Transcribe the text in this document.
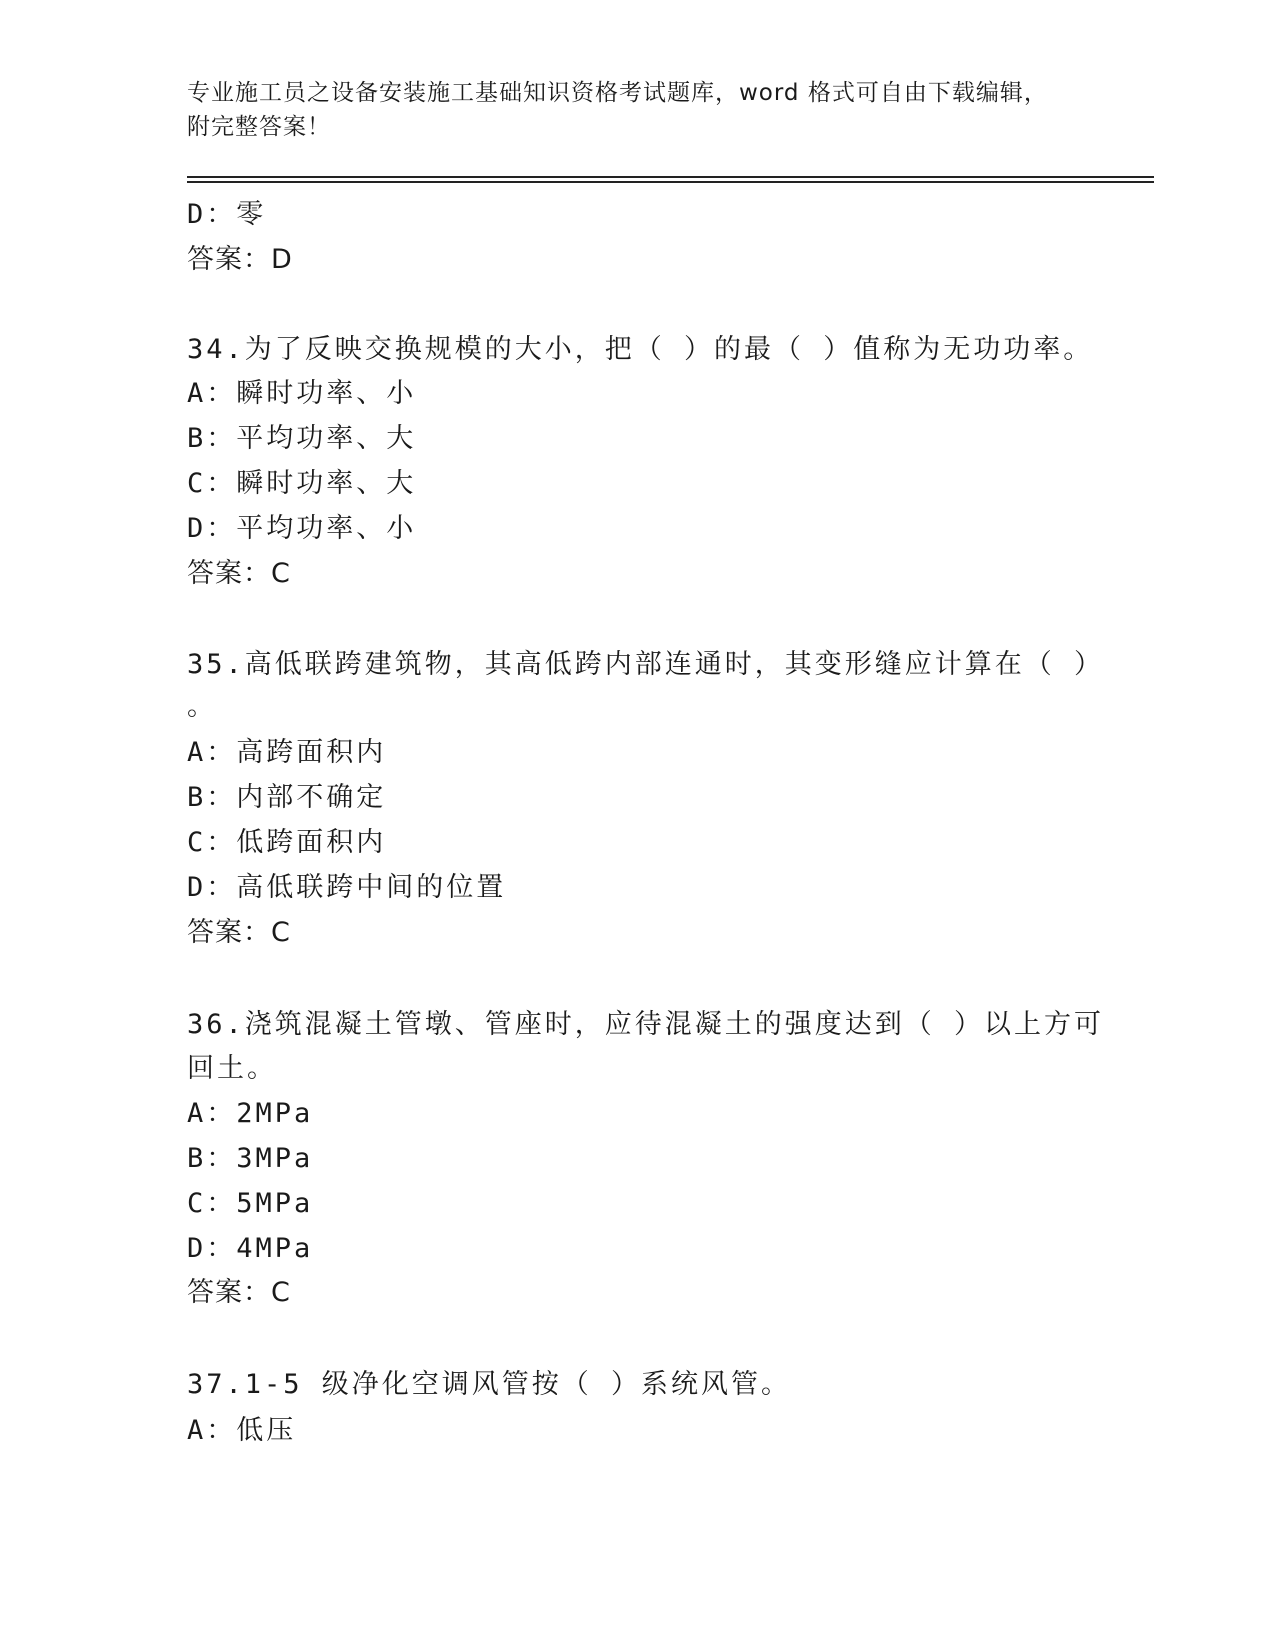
专业施工员之设备安装施工基础知识资格考试题库，word 格式可自由下载编辑，
附完整答案！
D：零
答案：D
34.为了反映交换规模的大小，把（ ）的最（ ）值称为无功功率。
A：瞬时功率、小
B：平均功率、大
C：瞬时功率、大
D：平均功率、小
答案：C
35.高低联跨建筑物，其高低跨内部连通时，其变形缝应计算在（ ）
。
A：高跨面积内
B：内部不确定
C：低跨面积内
D：高低联跨中间的位置
答案：C
36.浇筑混凝土管墩、管座时，应待混凝土的强度达到（ ）以上方可
回土。
A：2MPa
B：3MPa
C：5MPa
D：4MPa
答案：C
37.1-5 级净化空调风管按（ ）系统风管。
A：低压
